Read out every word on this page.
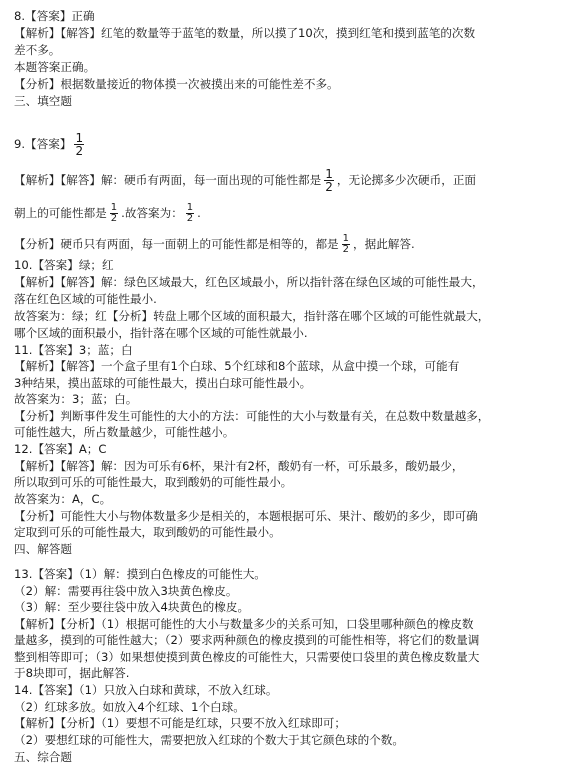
8.【答案】正确
【解析】【解答】红笔的数量等于蓝笔的数量，所以摸了10次，摸到红笔和摸到蓝笔的次数
差不多。
本题答案正确。
【分析】根据数量接近的物体摸一次被摸出来的可能性差不多。
三、填空题
9.【答案】 $\frac{1}{2}$
【解析】【解答】解：硬币有两面，每一面出现的可能性都是 $\frac{1}{2}$ ，无论掷多少次硬币，正面
朝上的可能性都是 $\frac{1}{2}$ .故答案为： $\frac{1}{2}$ .
【分析】硬币只有两面，每一面朝上的可能性都是相等的，都是 $\frac{1}{2}$ ，据此解答.
10.【答案】绿；红
【解析】【解答】解：绿色区域最大，红色区域最小，所以指针落在绿色区域的可能性最大，
落在红色区域的可能性最小.
故答案为：绿；红【分析】转盘上哪个区域的面积最大，指针落在哪个区域的可能性就最大，
哪个区域的面积最小，指针落在哪个区域的可能性就最小.
11.【答案】3；蓝；白
【解析】【解答】一个盒子里有1个白球、5个红球和8个蓝球，从盒中摸一个球，可能有
3种结果，摸出蓝球的可能性最大，摸出白球可能性最小。
故答案为：3；蓝；白。
【分析】判断事件发生可能性的大小的方法：可能性的大小与数量有关，在总数中数量越多，
可能性越大，所占数量越少，可能性越小。
12.【答案】A；C
【解析】【解答】解：因为可乐有6杯，果汁有2杯，酸奶有一杯，可乐最多，酸奶最少，
所以取到可乐的可能性最大，取到酸奶的可能性最小。
故答案为：A，C。
【分析】可能性大小与物体数量多少是相关的，本题根据可乐、果汁、酸奶的多少，即可确
定取到可乐的可能性最大，取到酸奶的可能性最小。
四、解答题
13.【答案】（1）解：摸到白色橡皮的可能性大。
（2）解：需要再往袋中放入3块黄色橡皮。
（3）解：至少要往袋中放入4块黄色的橡皮。
【解析】【分析】（1）根据可能性的大小与数量多少的关系可知，口袋里哪种颜色的橡皮数
量越多，摸到的可能性越大；（2）要求两种颜色的橡皮摸到的可能性相等，将它们的数量调
整到相等即可；（3）如果想使摸到黄色橡皮的可能性大，只需要使口袋里的黄色橡皮数量大
于8块即可，据此解答.
14.【答案】（1）只放入白球和黄球，不放入红球。
（2）红球多放。如放入4个红球、1个白球。
【解析】【分析】（1）要想不可能是红球，只要不放入红球即可；
（2）要想红球的可能性大，需要把放入红球的个数大于其它颜色球的个数。
五、综合题
